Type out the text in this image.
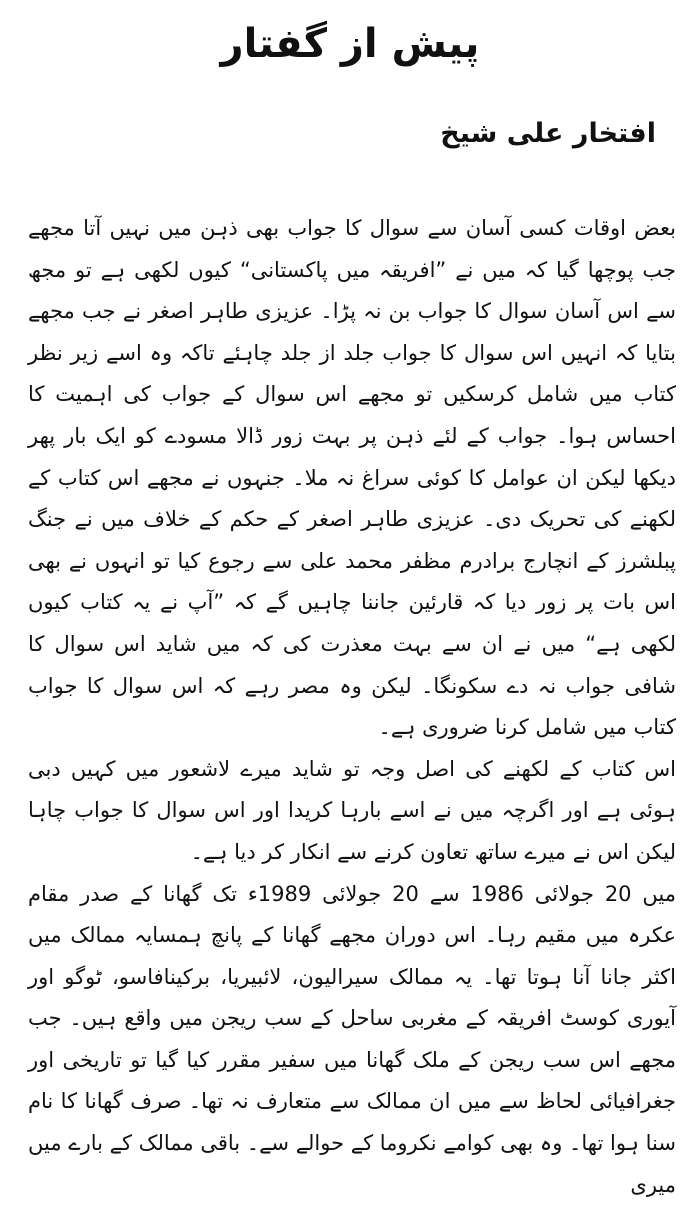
پیش از گفتار
افتخار علی شیخ

بعض اوقات کسی آسان سے سوال کا جواب بھی ذہن میں نہیں آتا مجھے جب پوچھا گیا کہ میں نے ”افریقہ میں پاکستانی“ کیوں لکھی ہے تو مجھ سے اس آسان سوال کا جواب بن نہ پڑا۔ عزیزی طاہر اصغر نے جب مجھے بتایا کہ انہیں اس سوال کا جواب جلد از جلد چاہئے تاکہ وہ اسے زیر نظر کتاب میں شامل کرسکیں تو مجھے اس سوال کے جواب کی اہمیت کا احساس ہوا۔ جواب کے لئے ذہن پر بہت زور ڈالا مسودے کو ایک بار پھر دیکھا لیکن ان عوامل کا کوئی سراغ نہ ملا۔ جنہوں نے مجھے اس کتاب کے لکھنے کی تحریک دی۔ عزیزی طاہر اصغر کے حکم کے خلاف میں نے جنگ پبلشرز کے انچارج برادرم مظفر محمد علی سے رجوع کیا تو انہوں نے بھی اس بات پر زور دیا کہ قارئین جاننا چاہیں گے کہ ”آپ نے یہ کتاب کیوں لکھی ہے“ میں نے ان سے بہت معذرت کی کہ میں شاید اس سوال کا شافی جواب نہ دے سکونگا۔ لیکن وہ مصر رہے کہ اس سوال کا جواب کتاب میں شامل کرنا ضروری ہے۔

اس کتاب کے لکھنے کی اصل وجہ تو شاید میرے لاشعور میں کہیں دبی ہوئی ہے اور اگرچہ میں نے اسے بارہا کریدا اور اس سوال کا جواب چاہا لیکن اس نے میرے ساتھ تعاون کرنے سے انکار کر دیا ہے۔

میں 20 جولائی 1986 سے 20 جولائی 1989ء تک گھانا کے صدر مقام عکرہ میں مقیم رہا۔ اس دوران مجھے گھانا کے پانچ ہمسایہ ممالک میں اکثر جانا آنا ہوتا تھا۔ یہ ممالک سیرالیون، لائبیریا، برکینافاسو، ٹوگو اور آیوری کوسٹ افریقہ کے مغربی ساحل کے سب ریجن میں واقع ہیں۔ جب مجھے اس سب ریجن کے ملک گھانا میں سفیر مقرر کیا گیا تو تاریخی اور جغرافیائی لحاظ سے میں ان ممالک سے متعارف نہ تھا۔ صرف گھانا کا نام سنا ہوا تھا۔ وہ بھی کوامے نکروما کے حوالے سے۔ باقی ممالک کے بارے میں میری
